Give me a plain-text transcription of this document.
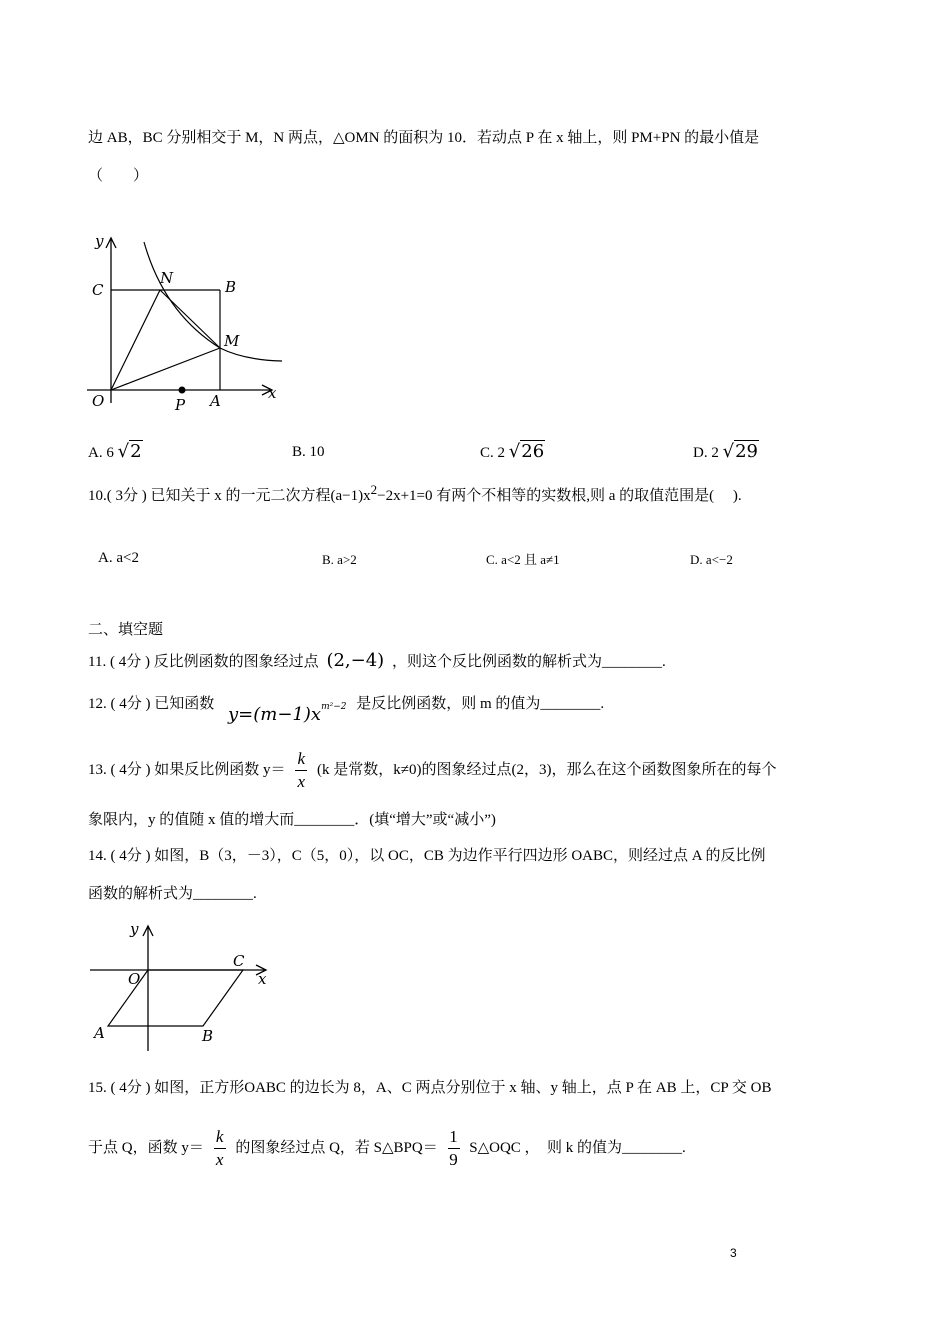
边 AB，BC 分别相交于 M，N 两点，△OMN 的面积为 10．若动点 P 在 x 轴上，则 PM+PN 的最小值是
（　　）
y
x
C
N	B
M
O	P A
A. 6 √2	B. 10	C. 2 √26	D. 2 √29
10.( 3分 ) 已知关于 x 的一元二次方程$(a-1)x^2-2x+1=0$ 有两个不相等的实数根,则 a 的取值范围是(　 ).
A. a<2	B. a>2	C. a<2 且 a≠1	D. a<−2
二、填空题
11. ( 4分 ) 反比例函数的图象经过点 (2,−4) ，则这个反比例函数的解析式为________.
12. ( 4分 ) 已知函数 $y=(m-1)x^{m^2-2}$ 是反比例函数，则 m 的值为________.
13. ( 4分 ) 如果反比例函数 $y= \frac{k}{x} (k$ 是常数，k≠0)的图象经过点(2，3)，那么在这个函数图象所在的每个
象限内，y 的值随 x 值的增大而________．(填“增大”或“减小”)
14. ( 4分 ) 如图，B（3，－3），C（5，0），以 OC，CB 为边作平行四边形 OABC，则经过点 A 的反比例
函数的解析式为________.
y
x
O
C
A	B
15. ( 4分 ) 如图，正方形OABC 的边长为 8，A、C 两点分别位于 x 轴、y 轴上，点 P 在 AB 上，CP 交 OB
于点 Q，函数 $y= \frac{k}{x}$ 的图象经过点 Q，若 S△BPQ＝ $\frac{1}{9}$ S△OQC ，　则 k 的值为________.
3
